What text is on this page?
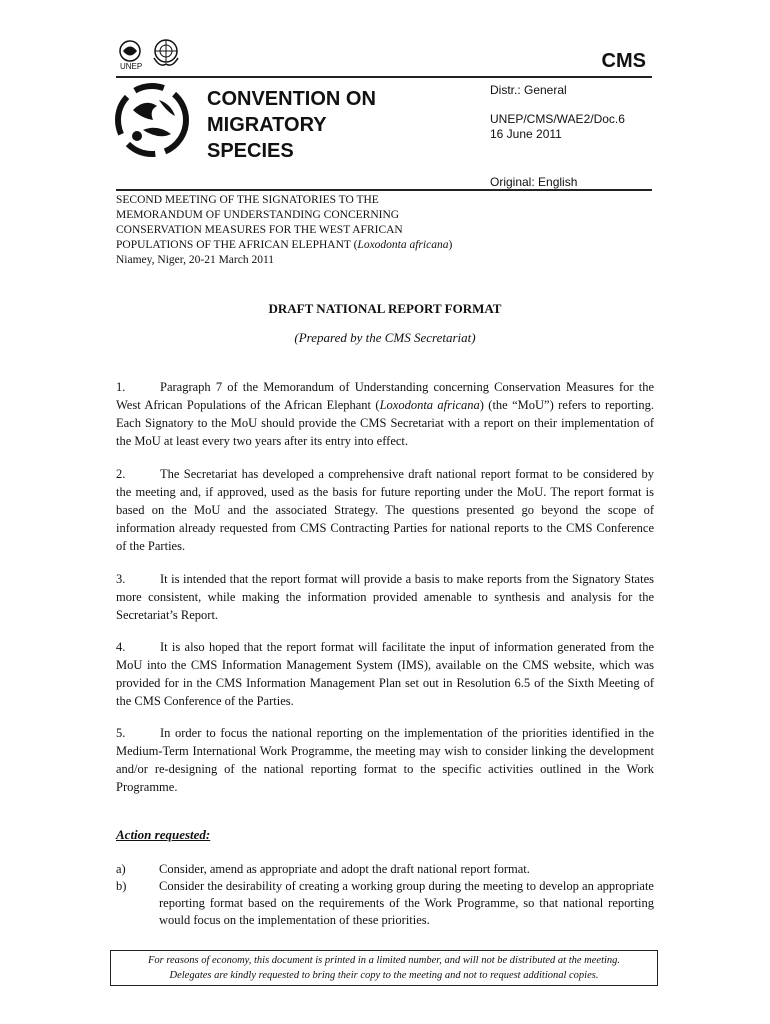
UNEP	CMS
CONVENTION ON
MIGRATORY
SPECIES
Distr.: General
UNEP/CMS/WAE2/Doc.6
16 June 2011
Original: English
SECOND MEETING OF THE SIGNATORIES TO THE
MEMORANDUM OF UNDERSTANDING CONCERNING
CONSERVATION MEASURES FOR THE WEST AFRICAN
POPULATIONS OF THE AFRICAN ELEPHANT (Loxodonta africana)
Niamey, Niger, 20-21 March 2011
DRAFT NATIONAL REPORT FORMAT
(Prepared by the CMS Secretariat)
1.	Paragraph 7 of the Memorandum of Understanding concerning Conservation Measures for the West African Populations of the African Elephant (Loxodonta africana) (the “MoU”) refers to reporting. Each Signatory to the MoU should provide the CMS Secretariat with a report on their implementation of the MoU at least every two years after its entry into effect.
2.	The Secretariat has developed a comprehensive draft national report format to be considered by the meeting and, if approved, used as the basis for future reporting under the MoU. The report format is based on the MoU and the associated Strategy. The questions presented go beyond the scope of information already requested from CMS Contracting Parties for national reports to the CMS Conference of the Parties.
3.	It is intended that the report format will provide a basis to make reports from the Signatory States more consistent, while making the information provided amenable to synthesis and analysis for the Secretariat’s Report.
4.	It is also hoped that the report format will facilitate the input of information generated from the MoU into the CMS Information Management System (IMS), available on the CMS website, which was provided for in the CMS Information Management Plan set out in Resolution 6.5 of the Sixth Meeting of the CMS Conference of the Parties.
5.	In order to focus the national reporting on the implementation of the priorities identified in the Medium-Term International Work Programme, the meeting may wish to consider linking the development and/or re-designing of the national reporting format to the specific activities outlined in the Work Programme.
Action requested:
a)	Consider, amend as appropriate and adopt the draft national report format.
b)	Consider the desirability of creating a working group during the meeting to develop an appropriate reporting format based on the requirements of the Work Programme, so that national reporting would focus on the implementation of these priorities.
For reasons of economy, this document is printed in a limited number, and will not be distributed at the meeting.
Delegates are kindly requested to bring their copy to the meeting and not to request additional copies.
